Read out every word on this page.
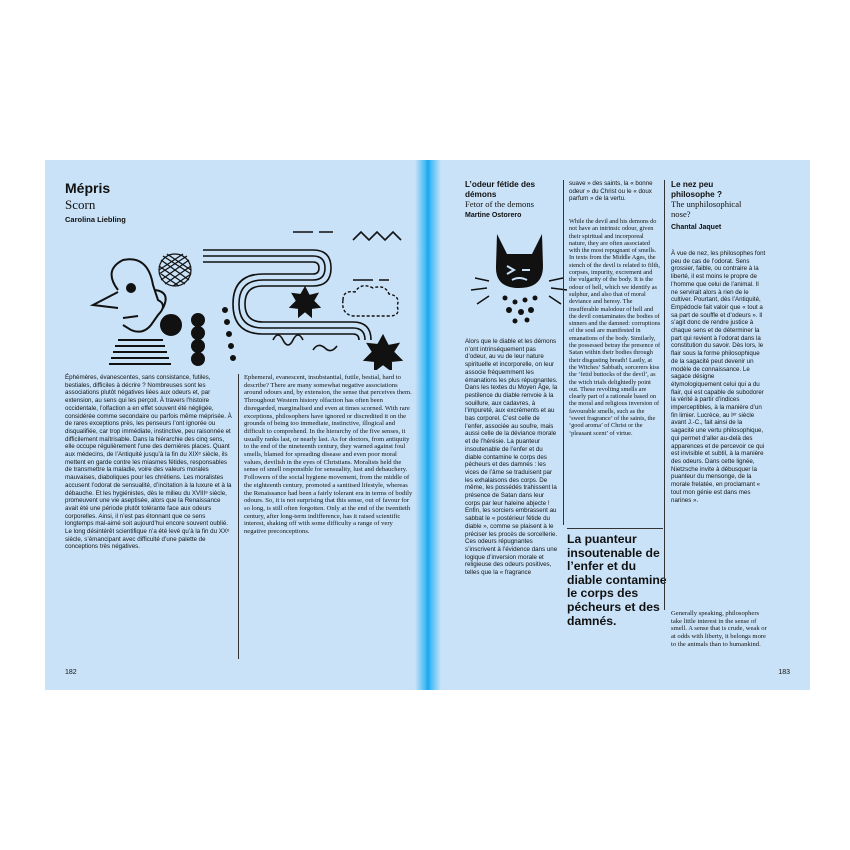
Mépris
Scorn
Carolina Liebling

Éphémères, évanescentes, sans consistance, futiles, bestiales, difficiles à décrire ? Nombreuses sont les associations plutôt négatives liées aux odeurs et, par extension, au sens qui les perçoit. À travers l’histoire occidentale, l’olfaction a en effet souvent été négligée, considérée comme secondaire ou parfois même méprisée. À de rares exceptions près, les penseurs l’ont ignorée ou disqualifiée, car trop immédiate, instinctive, peu raisonnée et difficilement maîtrisable. Dans la hiérarchie des cinq sens, elle occupe régulièrement l’une des dernières places. Quant aux médecins, de l’Antiquité jusqu’à la fin du XIXᵉ siècle, ils mettent en garde contre les miasmes fétides, responsables de transmettre la maladie, voire des valeurs morales mauvaises, diaboliques pour les chrétiens. Les moralistes accusent l’odorat de sensualité, d’incitation à la luxure et à la débauche. Et les hygiénistes, dès le milieu du XVIIIᵉ siècle, promeuvent une vie aseptisée, alors que la Renaissance avait été une période plutôt tolérante face aux odeurs corporelles. Ainsi, il n’est pas étonnant que ce sens longtemps mal-aimé soit aujourd’hui encore souvent oublié. Le long désintérêt scientifique n’a été levé qu’à la fin du XXᵉ siècle, s’émancipant avec difficulté d’une palette de conceptions très négatives.

Ephemeral, evanescent, insubstantial, futile, bestial, hard to describe? There are many somewhat negative associations around odours and, by extension, the sense that perceives them. Throughout Western history olfaction has often been disregarded, marginalised and even at times scorned. With rare exceptions, philosophers have ignored or discredited it on the grounds of being too immediate, instinctive, illogical and difficult to comprehend. In the hierarchy of the five senses, it usually ranks last, or nearly last. As for doctors, from antiquity to the end of the nineteenth century, they warned against foul smells, blamed for spreading disease and even poor moral values, devilish in the eyes of Christians. Moralists held the sense of smell responsible for sensuality, lust and debauchery. Followers of the social hygiene movement, from the middle of the eighteenth century, promoted a sanitised lifestyle, whereas the Renaissance had been a fairly tolerant era in terms of bodily odours. So, it is not surprising that this sense, out of favour for so long, is still often forgotten. Only at the end of the twentieth century, after long-term indifference, has it raised scientific interest, shaking off with some difficulty a range of very negative preconceptions.

182
L’odeur fétide des démons
Fetor of the demons
Martine Ostorero

Alors que le diable et les démons n’ont intrinsèquement pas d’odeur, au vu de leur nature spirituelle et incorporelle, on leur associe fréquemment les émanations les plus répugnantes. Dans les textes du Moyen Âge, la pestilence du diable renvoie à la souillure, aux cadavres, à l’impureté, aux excréments et au bas corporel. C’est celle de l’enfer, associée au soufre, mais aussi celle de la déviance morale et de l’hérésie. La puanteur insoutenable de l’enfer et du diable contamine le corps des pécheurs et des damnés : les vices de l’âme se traduisent par les exhalaisons des corps. De même, les possédés trahissent la présence de Satan dans leur corps par leur haleine abjecte ! Enfin, les sorciers embrassent au sabbat le « postérieur fétide du diable », comme se plaisent à le préciser les procès de sorcellerie. Ces odeurs répugnantes s’inscrivent à l’évidence dans une logique d’inversion morale et religieuse des odeurs positives, telles que la « fragrance

suave » des saints, la « bonne odeur » du Christ ou le « doux parfum » de la vertu.

While the devil and his demons do not have an intrinsic odour, given their spiritual and incorporeal nature, they are often associated with the most repugnant of smells. In texts from the Middle Ages, the stench of the devil is related to filth, corpses, impurity, excrement and the vulgarity of the body. It is the odour of hell, which we identify as sulphur, and also that of moral deviance and heresy. The insufferable malodour of hell and the devil contaminates the bodies of sinners and the damned: corruptions of the soul are manifested in emanations of the body. Similarly, the possessed betray the presence of Satan within their bodies through their disgusting breath! Lastly, at the Witches’ Sabbath, sorcerers kiss the ‘fetid buttocks of the devil’, as the witch trials delightedly point out. These revolting smells are clearly part of a rationale based on the moral and religious inversion of favourable smells, such as the ‘sweet fragrance’ of the saints, the ‘good aroma’ of Christ or the ‘pleasant scent’ of virtue.

La puanteur insoutenable de l’enfer et du diable contamine le corps des pécheurs et des damnés.
Le nez peu philosophe ?
The unphilosophical nose?
Chantal Jaquet

À vue de nez, les philosophes font peu de cas de l’odorat. Sens grossier, faible, ou contraire à la liberté, il est moins le propre de l’homme que celui de l’animal. Il ne servirait alors à rien de le cultiver. Pourtant, dès l’Antiquité, Empédocle fait valoir que « tout a sa part de souffle et d’odeurs ». Il s’agit donc de rendre justice à chaque sens et de déterminer la part qui revient à l’odorat dans la constitution du savoir. Dès lors, le flair sous la forme philosophique de la sagacité peut devenir un modèle de connaissance. Le sagace désigne étymologiquement celui qui a du flair, qui est capable de subodorer la vérité à partir d’indices imperceptibles, à la manière d’un fin limier. Lucrèce, au Iᵉʳ siècle avant J.-C., fait ainsi de la sagacité une vertu philosophique, qui permet d’aller au-delà des apparences et de percevoir ce qui est invisible et subtil, à la manière des odeurs. Dans cette lignée, Nietzsche invite à débusquer la puanteur du mensonge, de la morale frelatée, en proclamant « tout mon génie est dans mes narines ».

Generally speaking, philosophers take little interest in the sense of smell. A sense that is crude, weak or at odds with liberty, it belongs more to the animals than to humankind.

183
